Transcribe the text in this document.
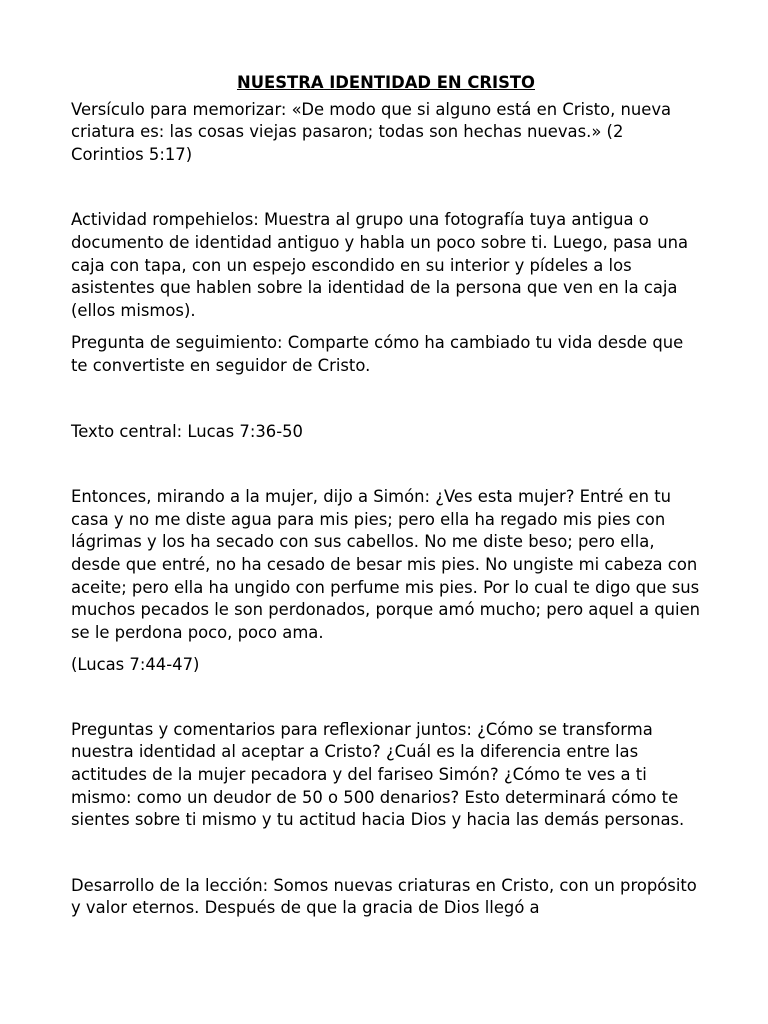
NUESTRA IDENTIDAD EN CRISTO

Versículo para memorizar: «De modo que si alguno está en Cristo, nueva criatura es: las cosas viejas pasaron; todas son hechas nuevas.» (2 Corintios 5:17)

Actividad rompehielos: Muestra al grupo una fotografía tuya antigua o documento de identidad antiguo y habla un poco sobre ti. Luego, pasa una caja con tapa, con un espejo escondido en su interior y pídeles a los asistentes que hablen sobre la identidad de la persona que ven en la caja (ellos mismos).

Pregunta de seguimiento: Comparte cómo ha cambiado tu vida desde que te convertiste en seguidor de Cristo.

Texto central: Lucas 7:36-50

Entonces, mirando a la mujer, dijo a Simón: ¿Ves esta mujer? Entré en tu casa y no me diste agua para mis pies; pero ella ha regado mis pies con lágrimas y los ha secado con sus cabellos. No me diste beso; pero ella, desde que entré, no ha cesado de besar mis pies. No ungiste mi cabeza con aceite; pero ella ha ungido con perfume mis pies. Por lo cual te digo que sus muchos pecados le son perdonados, porque amó mucho; pero aquel a quien se le perdona poco, poco ama.

(Lucas 7:44-47)

Preguntas y comentarios para reflexionar juntos: ¿Cómo se transforma nuestra identidad al aceptar a Cristo? ¿Cuál es la diferencia entre las actitudes de la mujer pecadora y del fariseo Simón? ¿Cómo te ves a ti mismo: como un deudor de 50 o 500 denarios? Esto determinará cómo te sientes sobre ti mismo y tu actitud hacia Dios y hacia las demás personas.

Desarrollo de la lección: Somos nuevas criaturas en Cristo, con un propósito y valor eternos. Después de que la gracia de Dios llegó a
